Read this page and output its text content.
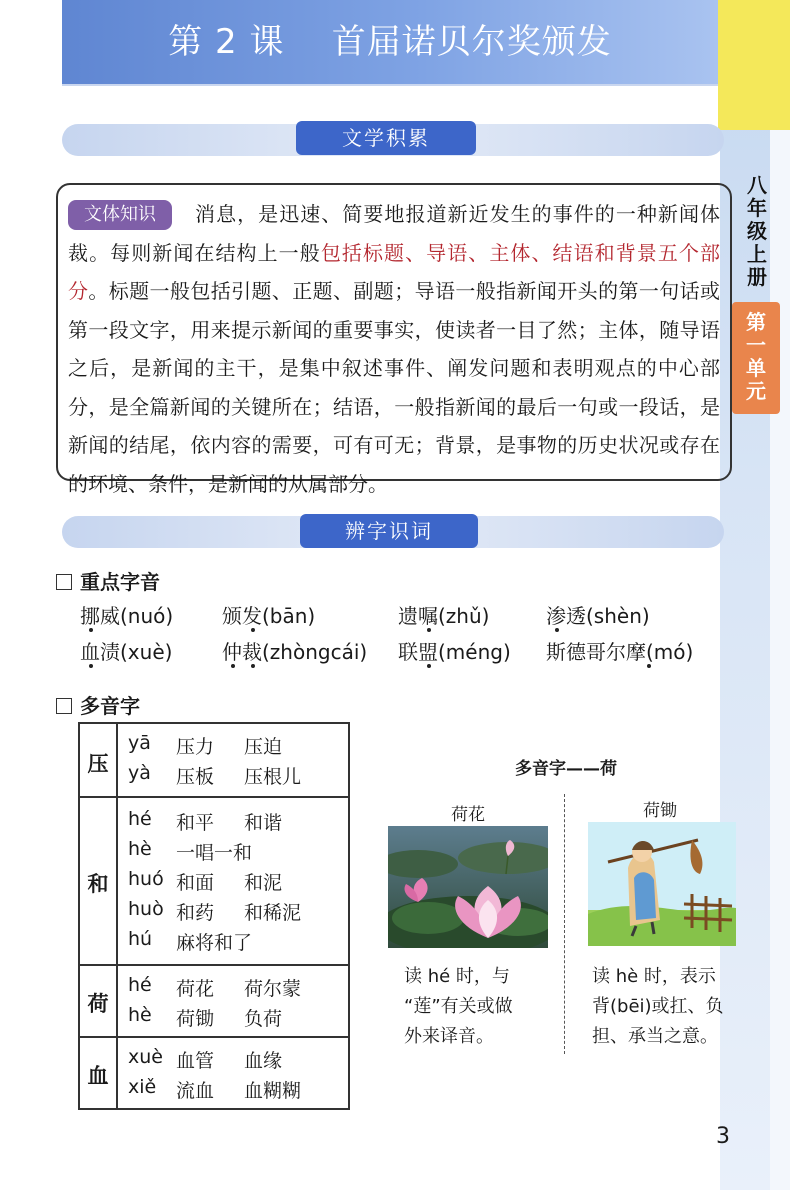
第 2 课    首届诺贝尔奖颁发
八
年
级
上
册
第
一
单
元
文学积累
消息，是迅速、简要地报道新近发生的事件的一种新闻体裁。每则新闻在结构上一般包括标题、导语、主体、结语和背景五个部分。标题一般包括引题、正题、副题；导语一般指新闻开头的第一句话或第一段文字，用来提示新闻的重要事实，使读者一目了然；主体，随导语之后，是新闻的主干，是集中叙述事件、阐发问题和表明观点的中心部分，是全篇新闻的关键所在；结语，一般指新闻的最后一句或一段话，是新闻的结尾，依内容的需要，可有可无；背景，是事物的历史状况或存在的环境、条件，是新闻的从属部分。
文体知识
辨字识词
重点字音
挪威(nuó) 颁发(bān)	遗嘱(zhǔ)	渗透(shèn)
血渍(xuè) 仲裁(zhòngcái) 联盟(méng) 斯德哥尔摩(mó)
多音字
压
yā 压力 压迫
yà 压板 压根儿
和
hé 和平 和谐
hè 一唱一和
huó 和面 和泥
huò 和药 和稀泥
hú 麻将和了
荷
hé 荷花 荷尔蒙
hè 荷锄 负荷
血
xuè 血管 血缘
xiě 流血 血糊糊
多音字——荷
荷花	荷锄
读 hé 时，与
“莲”有关或做
外来译音。
读 hè 时，表示
背(bēi)或扛、负
担、承当之意。
3
